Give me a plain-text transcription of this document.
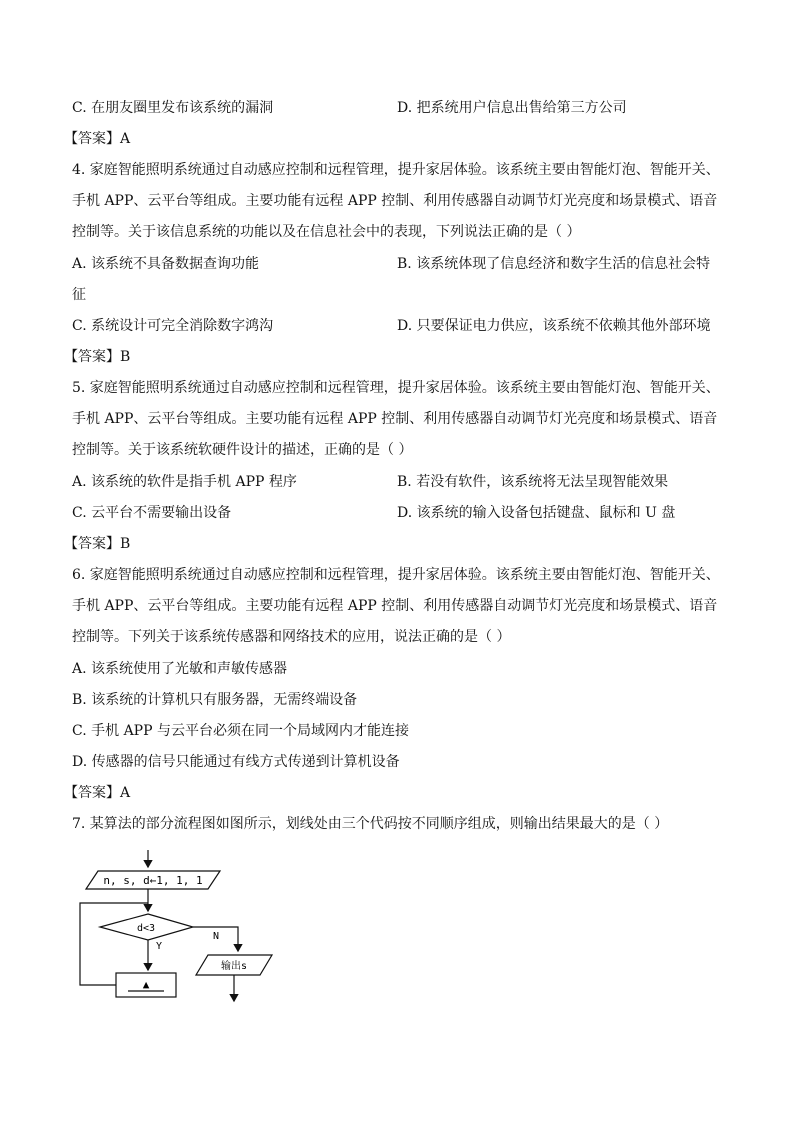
C. 在朋友圈里发布该系统的漏洞	D. 把系统用户信息出售给第三方公司
【答案】A
4. 家庭智能照明系统通过自动感应控制和远程管理，提升家居体验。该系统主要由智能灯泡、智能开关、
手机 APP、云平台等组成。主要功能有远程 APP 控制、利用传感器自动调节灯光亮度和场景模式、语音
控制等。关于该信息系统的功能以及在信息社会中的表现，下列说法正确的是（ ）
A. 该系统不具备数据查询功能	B. 该系统体现了信息经济和数字生活的信息社会特
征
C. 系统设计可完全消除数字鸿沟	D. 只要保证电力供应，该系统不依赖其他外部环境
【答案】B
5. 家庭智能照明系统通过自动感应控制和远程管理，提升家居体验。该系统主要由智能灯泡、智能开关、
手机 APP、云平台等组成。主要功能有远程 APP 控制、利用传感器自动调节灯光亮度和场景模式、语音
控制等。关于该系统软硬件设计的描述，正确的是（ ）
A. 该系统的软件是指手机 APP 程序	B. 若没有软件，该系统将无法呈现智能效果
C. 云平台不需要输出设备	D. 该系统的输入设备包括键盘、鼠标和 U 盘
【答案】B
6. 家庭智能照明系统通过自动感应控制和远程管理，提升家居体验。该系统主要由智能灯泡、智能开关、
手机 APP、云平台等组成。主要功能有远程 APP 控制、利用传感器自动调节灯光亮度和场景模式、语音
控制等。下列关于该系统传感器和网络技术的应用，说法正确的是（ ）
A. 该系统使用了光敏和声敏传感器
B. 该系统的计算机只有服务器，无需终端设备
C. 手机 APP 与云平台必须在同一个局域网内才能连接
D. 传感器的信号只能通过有线方式传递到计算机设备
【答案】A
7. 某算法的部分流程图如图所示，划线处由三个代码按不同顺序组成，则输出结果最大的是（ ）
n, s, d←1, 1, 1
d<3
Y
N
输出s
▲
